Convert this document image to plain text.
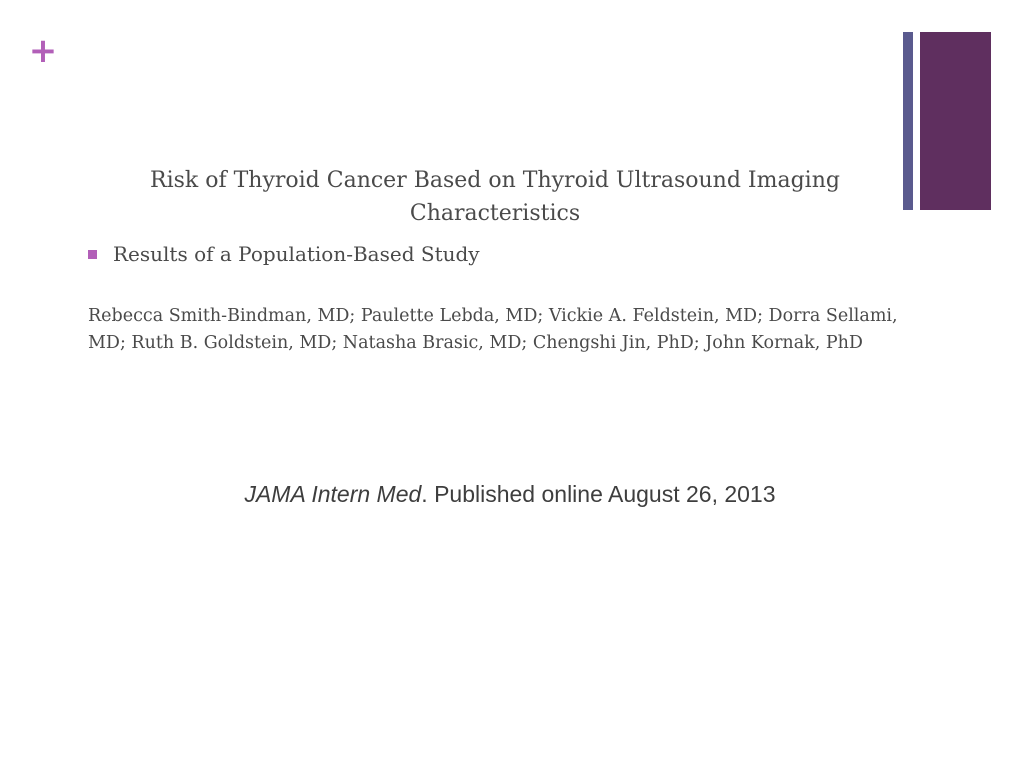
+
Risk of Thyroid Cancer Based on Thyroid Ultrasound Imaging Characteristics
Results of a Population-Based Study
Rebecca Smith-Bindman, MD; Paulette Lebda, MD; Vickie A. Feldstein, MD; Dorra Sellami, MD; Ruth B. Goldstein, MD; Natasha Brasic, MD; Chengshi Jin, PhD; John Kornak, PhD
JAMA Intern Med. Published online August 26, 2013
